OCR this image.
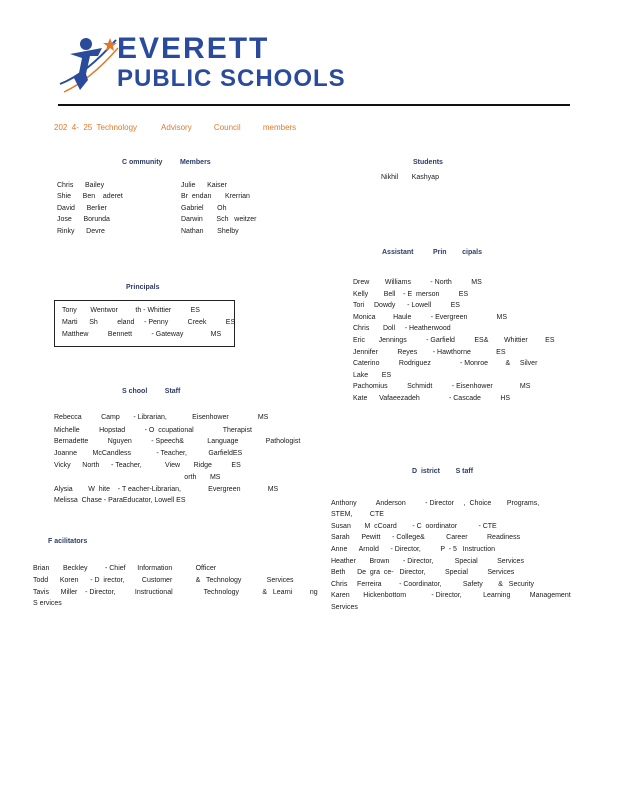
EVERETT
PUBLIC SCHOOLS
202  4-  25  Technology           Advisory          Council          members
C ommunity         Members
Chris      Bailey
Shie      Ben    aderet
David      Berlier
Jose      Borunda
Rinky      Devre
Julie      Kaiser
Br  endan       Krerrian
Gabriel       Oh
Darwin       Sch   weitzer
Nathan       Shelby
Students
Nikhil       Kashyap
Principals
Tony       Wentwor         th - Whittier          ES
Marti      Sh          eland     - Penny          Creek          ES
Matthew          Bennett          - Gateway              MS
Assistant          Prin        cipals
Drew        Williams          - North          MS
Kelly        Bell    - E  merson          ES
Tori     Dowdy      - Lowell          ES
Monica         Haule          - Evergreen               MS
Chris       Doll     - Heatherwood
Eric       Jennings          - Garfield          ES&        Whittier         ES
Jennifer          Reyes        - Hawthorne             ES
Caterino          Rodriguez               - Monroe         &     Silver
Lake       ES
Pachomius          Schmidt          - Eisenhower              MS
Kate      Vafaeezadeh               - Cascade          HS
S chool         Staff
Rebecca          Camp       - Librarian,             Eisenhower               MS
Michelle          Hopstad          - O  ccupational               Therapist
Bernadette          Nguyen          - Speech&            Language              Pathologist
Joanne        McCandless             - Teacher,           GarfieldES
Vicky      North      - Teacher,            View       Ridge          ES
orth       MS
Alysia        W  hite    - T eacher-Librarian,              Evergreen              MS
Melissa  Chase - ParaEducator, Lowell ES
D  istrict        S taff
Anthony          Anderson          - Director     ,  Choice        Programs,
STEM,         CTE
Susan       M  cCoard        - C  oordinator           - CTE
Sarah      Pewitt      - College&           Career          Readiness
Anne      Arnold      - Director,          P  - 5   Instruction
Heather       Brown       - Director,           Special          Services
Beth      De  gra  ce-   Director,          Special          Services
Chris     Ferreira         - Coordinator,           Safety        &   Security
Karen       Hickenbottom             - Director,           Learning          Management
Services
F acilitators
Brian       Beckley         - Chief      Information            Officer
Todd      Koren      - D  irector,         Customer            &   Technology             Services
Tavis      Miller    - Director,          Instructional                Technology            &   Learni         ng
S ervices
